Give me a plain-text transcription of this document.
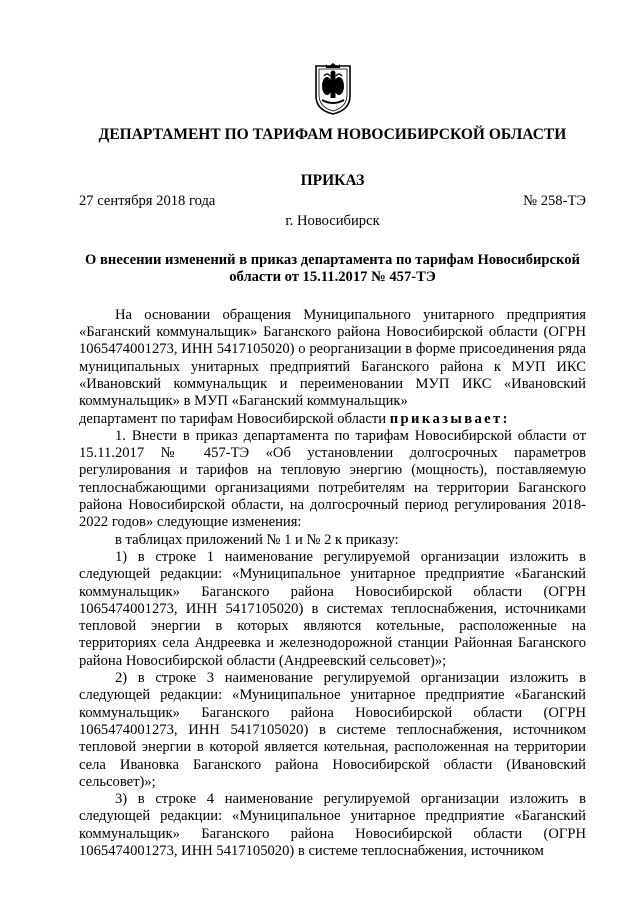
ДЕПАРТАМЕНТ ПО ТАРИФАМ НОВОСИБИРСКОЙ ОБЛАСТИ
ПРИКАЗ
27 сентября 2018 года	№ 258-ТЭ
г. Новосибирск
О внесении изменений в приказ департамента по тарифам Новосибирской области от 15.11.2017 № 457-ТЭ

На основании обращения Муниципального унитарного предприятия «Баганский коммунальщик» Баганского района Новосибирской области (ОГРН 1065474001273, ИНН 5417105020) о реорганизации в форме присоединения ряда муниципальных унитарных предприятий Баганского района к МУП ИКС «Ивановский коммунальщик и переименовании МУП ИКС «Ивановский коммунальщик» в МУП «Баганский коммунальщик»

департамент по тарифам Новосибирской области приказывает:

1. Внести в приказ департамента по тарифам Новосибирской области от 15.11.2017 № 457-ТЭ «Об установлении долгосрочных параметров регулирования и тарифов на тепловую энергию (мощность), поставляемую теплоснабжающими организациями потребителям на территории Баганского района Новосибирской области, на долгосрочный период регулирования 2018-2022 годов» следующие изменения:

в таблицах приложений № 1 и № 2 к приказу:

1) в строке 1 наименование регулируемой организации изложить в следующей редакции: «Муниципальное унитарное предприятие «Баганский коммунальщик» Баганского района Новосибирской области (ОГРН 1065474001273, ИНН 5417105020) в системах теплоснабжения, источниками тепловой энергии в которых являются котельные, расположенные на территориях села Андреевка и железнодорожной станции Районная Баганского района Новосибирской области (Андреевский сельсовет)»;

2) в строке 3 наименование регулируемой организации изложить в следующей редакции: «Муниципальное унитарное предприятие «Баганский коммунальщик» Баганского района Новосибирской области (ОГРН 1065474001273, ИНН 5417105020) в системе теплоснабжения, источником тепловой энергии в которой является котельная, расположенная на территории села Ивановка Баганского района Новосибирской области (Ивановский сельсовет)»;

3) в строке 4 наименование регулируемой организации изложить в следующей редакции: «Муниципальное унитарное предприятие «Баганский коммунальщик» Баганского района Новосибирской области (ОГРН 1065474001273, ИНН 5417105020) в системе теплоснабжения, источником
